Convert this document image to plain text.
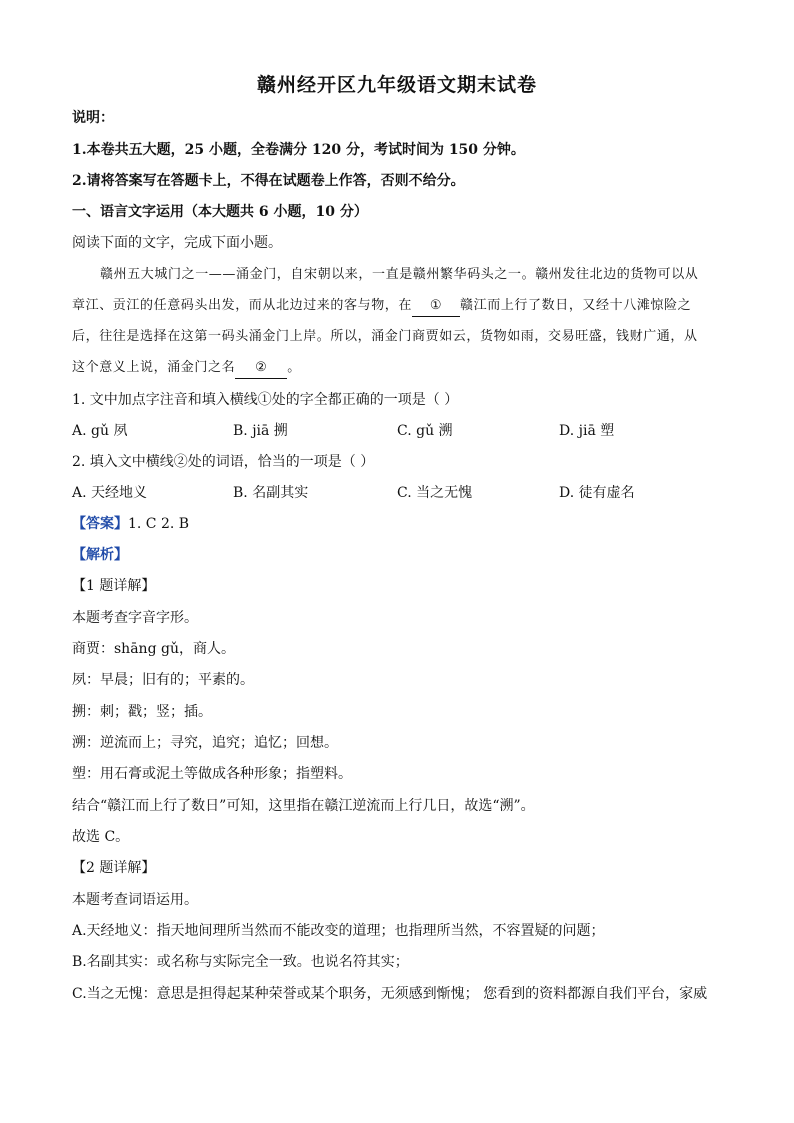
赣州经开区九年级语文期末试卷
说明：
1.本卷共五大题，25 小题，全卷满分 120 分，考试时间为 150 分钟。
2.请将答案写在答题卡上，不得在试题卷上作答，否则不给分。
一、语言文字运用（本大题共 6 小题，10 分）
阅读下面的文字，完成下面小题。
赣州五大城门之一——涌金门，自宋朝以来，一直是赣州繁华码头之一。赣州发往北边的货物可以从
章江、贡江的任意码头出发，而从北边过来的客与物，在 ① 赣江而上行了数日，又经十八滩惊险之
后，往往是选择在这第一码头涌金门上岸。所以，涌金门商贾如云，货物如雨，交易旺盛，钱财广通，从
这个意义上说，涌金门之名 ② 。
1. 文中加点字注音和填入横线①处的字全都正确的一项是（ ）
A. gǔ 夙	B. jiā 搠	C. gǔ 溯	D. jiā 塑
2. 填入文中横线②处的词语，恰当的一项是（ ）
A. 天经地义	B. 名副其实	C. 当之无愧	D. 徒有虚名
【答案】1. C 2. B
【解析】
【1 题详解】
本题考查字音字形。
商贾：shāng gǔ，商人。
夙：早晨；旧有的；平素的。
搠：刺；戳；竖；插。
溯：逆流而上；寻究，追究；追忆；回想。
塑：用石膏或泥土等做成各种形象；指塑料。
结合“赣江而上行了数日”可知，这里指在赣江逆流而上行几日，故选“溯”。
故选 C。
【2 题详解】
本题考查词语运用。
A.天经地义：指天地间理所当然而不能改变的道理；也指理所当然，不容置疑的问题；
B.名副其实：或名称与实际完全一致。也说名符其实；
C.当之无愧：意思是担得起某种荣誉或某个职务，无须感到惭愧； 您看到的资料都源自我们平台，家威
